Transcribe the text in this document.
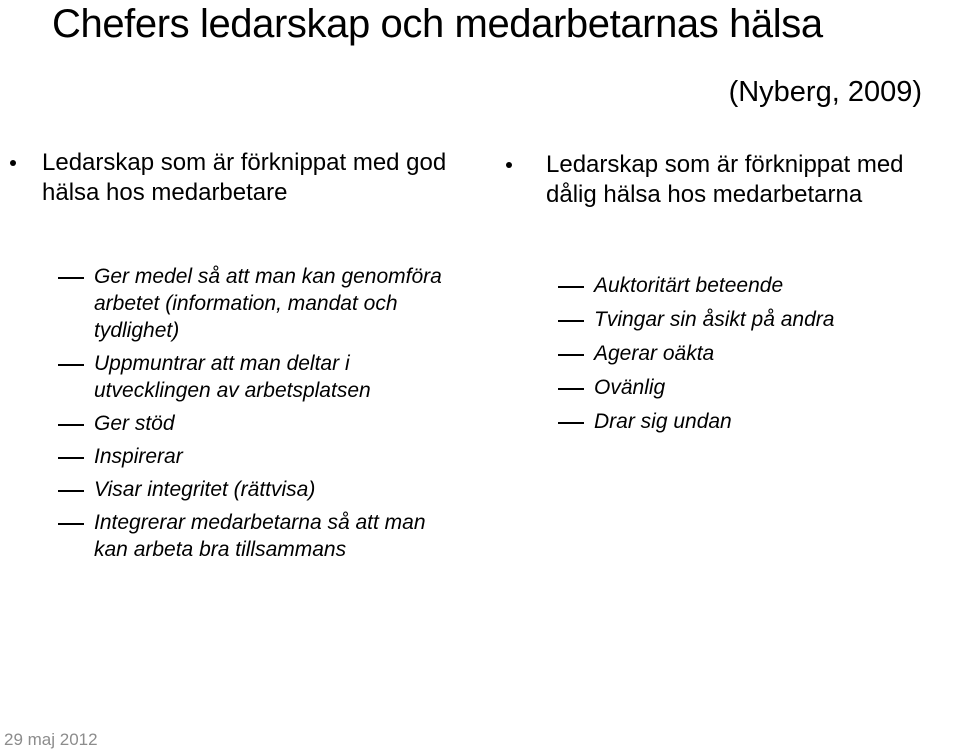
Chefers ledarskap och medarbetarnas hälsa
(Nyberg, 2009)
Ledarskap som är förknippat med god hälsa hos medarbetare
Ger medel så att man kan genomföra arbetet (information, mandat och tydlighet)
Uppmuntrar att man deltar i utvecklingen av arbetsplatsen
Ger stöd
Inspirerar
Visar integritet (rättvisa)
Integrerar medarbetarna så att man kan arbeta bra tillsammans
Ledarskap som är förknippat med dålig hälsa hos medarbetarna
Auktoritärt beteende
Tvingar sin åsikt på andra
Agerar oäkta
Ovänlig
Drar sig undan
29 maj 2012
